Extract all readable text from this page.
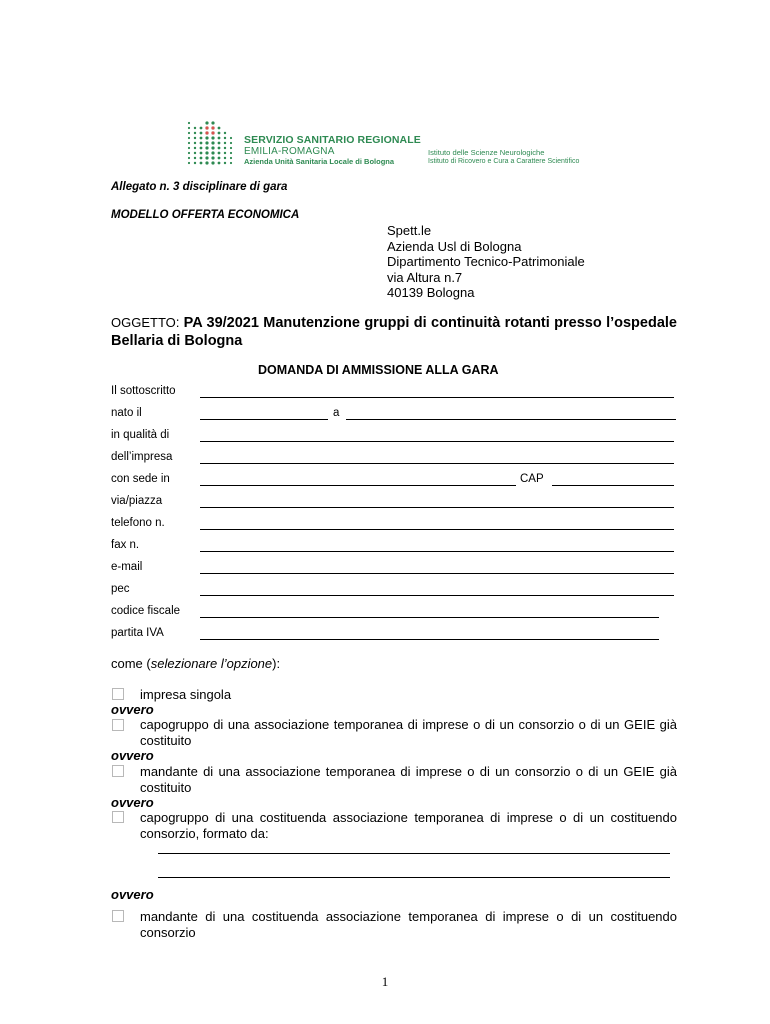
SERVIZIO SANITARIO REGIONALE
EMILIA-ROMAGNA
Azienda Unità Sanitaria Locale di Bologna
Istituto delle Scienze Neurologiche
Istituto di Ricovero e Cura a Carattere Scientifico
Allegato n. 3 disciplinare di gara
MODELLO OFFERTA ECONOMICA
Spett.le
Azienda Usl di Bologna
Dipartimento Tecnico-Patrimoniale
via Altura n.7
40139 Bologna
OGGETTO: PA 39/2021 Manutenzione gruppi di continuità rotanti presso l’ospedale Bellaria di Bologna
DOMANDA DI AMMISSIONE ALLA GARA
Il sottoscritto
nato il	a
in qualità di
dell’impresa
con sede in	CAP
via/piazza
telefono n.
fax n.
e-mail
pec
codice fiscale
partita IVA
come (selezionare l’opzione):
impresa singola
ovvero
capogruppo di una associazione temporanea di imprese o di un consorzio o di un GEIE già costituito
ovvero
mandante di una associazione temporanea di imprese o di un consorzio o di un GEIE già costituito
ovvero
capogruppo di una costituenda associazione temporanea di imprese o di un costituendo consorzio, formato da:
ovvero
mandante di una costituenda associazione temporanea di imprese o di un costituendo consorzio
1
